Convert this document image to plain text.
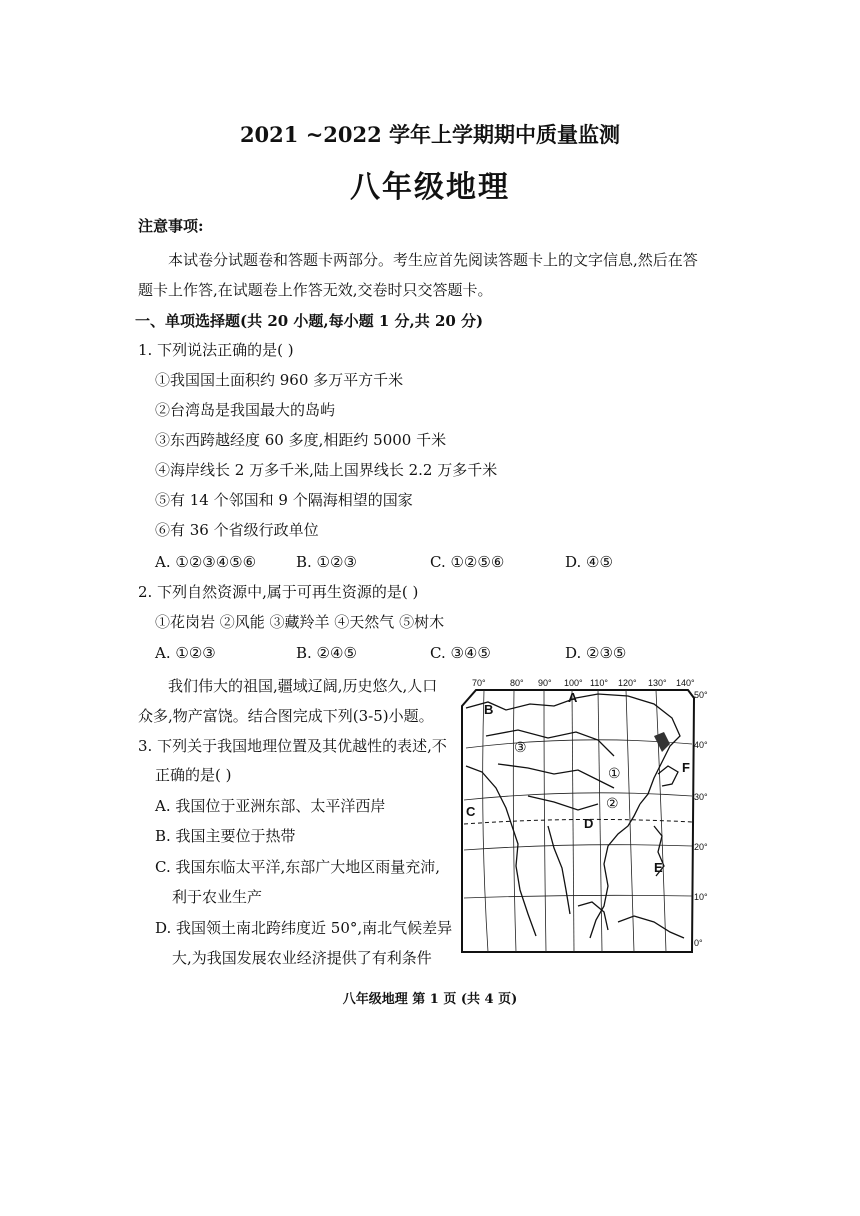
2021 ~2022 学年上学期期中质量监测
八年级地理
注意事项:
本试卷分试题卷和答题卡两部分。考生应首先阅读答题卡上的文字信息,然后在答
题卡上作答,在试题卷上作答无效,交卷时只交答题卡。
一、单项选择题(共 20 小题,每小题 1 分,共 20 分)
1. 下列说法正确的是( )
①我国国土面积约 960 多万平方千米
②台湾岛是我国最大的岛屿
③东西跨越经度 60 多度,相距约 5000 千米
④海岸线长 2 万多千米,陆上国界线长 2.2 万多千米
⑤有 14 个邻国和 9 个隔海相望的国家
⑥有 36 个省级行政单位
A. ①②③④⑤⑥	B. ①②③	C. ①②⑤⑥	D. ④⑤
2. 下列自然资源中,属于可再生资源的是( )
①花岗岩 ②风能 ③藏羚羊 ④天然气 ⑤树木
A. ①②③	B. ②④⑤	C. ③④⑤	D. ②③⑤
我们伟大的祖国,疆域辽阔,历史悠久,人口
众多,物产富饶。结合图完成下列(3-5)小题。
3. 下列关于我国地理位置及其优越性的表述,不
正确的是( )
A. 我国位于亚洲东部、太平洋西岸
B. 我国主要位于热带
C. 我国东临太平洋,东部广大地区雨量充沛,
利于农业生产
D. 我国领土南北跨纬度近 50°,南北气候差异
大,为我国发展农业经济提供了有利条件
70°	80° 90° 100° 110° 120° 130° 140°
50°
40°
30°
20°
10°
0°
A
B
C
D
E
F
①
②
③
八年级地理 第 1 页 (共 4 页)
